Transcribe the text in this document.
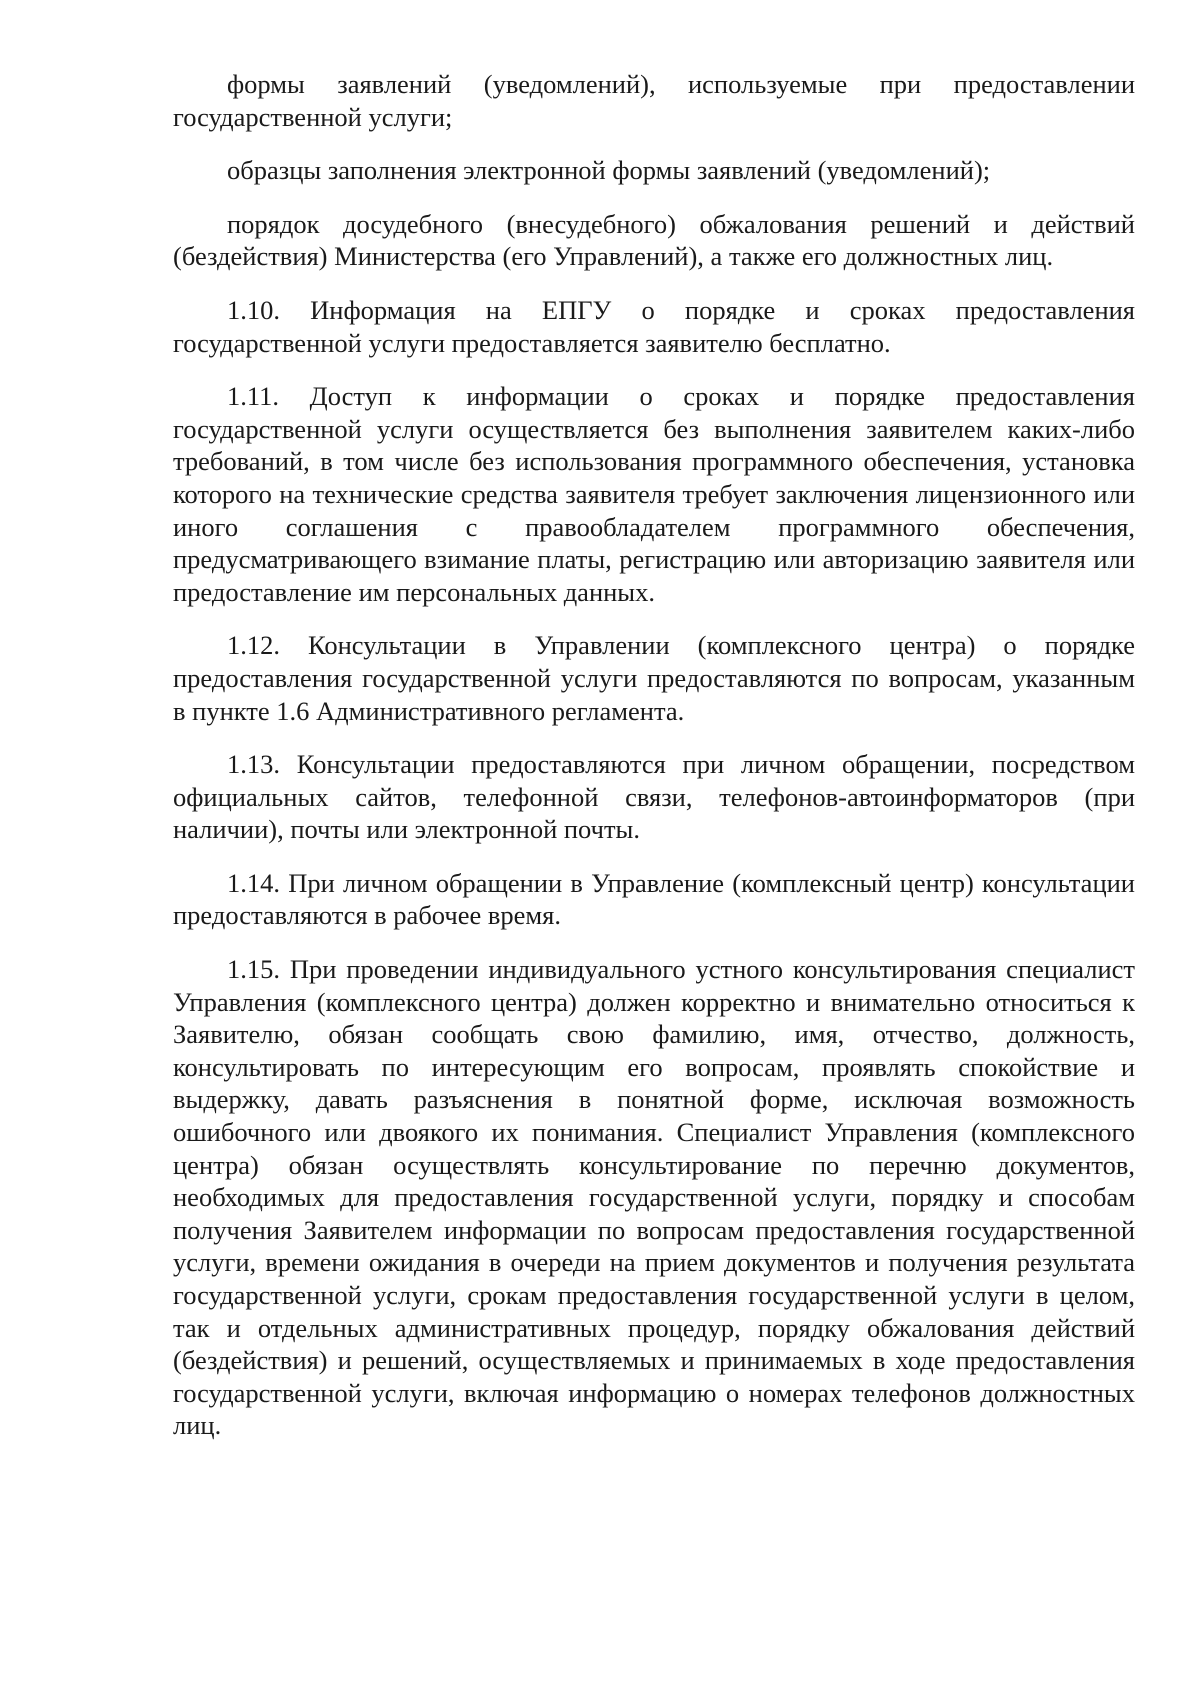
формы заявлений (уведомлений), используемые при предоставлении государственной услуги;

образцы заполнения электронной формы заявлений (уведомлений);

порядок досудебного (внесудебного) обжалования решений и действий (бездействия) Министерства (его Управлений), а также его должностных лиц.

1.10. Информация на ЕПГУ о порядке и сроках предоставления государственной услуги предоставляется заявителю бесплатно.

1.11. Доступ к информации о сроках и порядке предоставления государственной услуги осуществляется без выполнения заявителем каких-либо требований, в том числе без использования программного обеспечения, установка которого на технические средства заявителя требует заключения лицензионного или иного соглашения с правообладателем программного обеспечения, предусматривающего взимание платы, регистрацию или авторизацию заявителя или предоставление им персональных данных.

1.12. Консультации в Управлении (комплексного центра) о порядке предоставления государственной услуги предоставляются по вопросам, указанным в пункте 1.6 Административного регламента.

1.13. Консультации предоставляются при личном обращении, посредством официальных сайтов, телефонной связи, телефонов-автоинформаторов (при наличии), почты или электронной почты.

1.14. При личном обращении в Управление (комплексный центр) консультации предоставляются в рабочее время.

1.15. При проведении индивидуального устного консультирования специалист Управления (комплексного центра) должен корректно и внимательно относиться к Заявителю, обязан сообщать свою фамилию, имя, отчество, должность, консультировать по интересующим его вопросам, проявлять спокойствие и выдержку, давать разъяснения в понятной форме, исключая возможность ошибочного или двоякого их понимания. Специалист Управления (комплексного центра) обязан осуществлять консультирование по перечню документов, необходимых для предоставления государственной услуги, порядку и способам получения Заявителем информации по вопросам предоставления государственной услуги, времени ожидания в очереди на прием документов и получения результата государственной услуги, срокам предоставления государственной услуги в целом, так и отдельных административных процедур, порядку обжалования действий (бездействия) и решений, осуществляемых и принимаемых в ходе предоставления государственной услуги, включая информацию о номерах телефонов должностных лиц.
